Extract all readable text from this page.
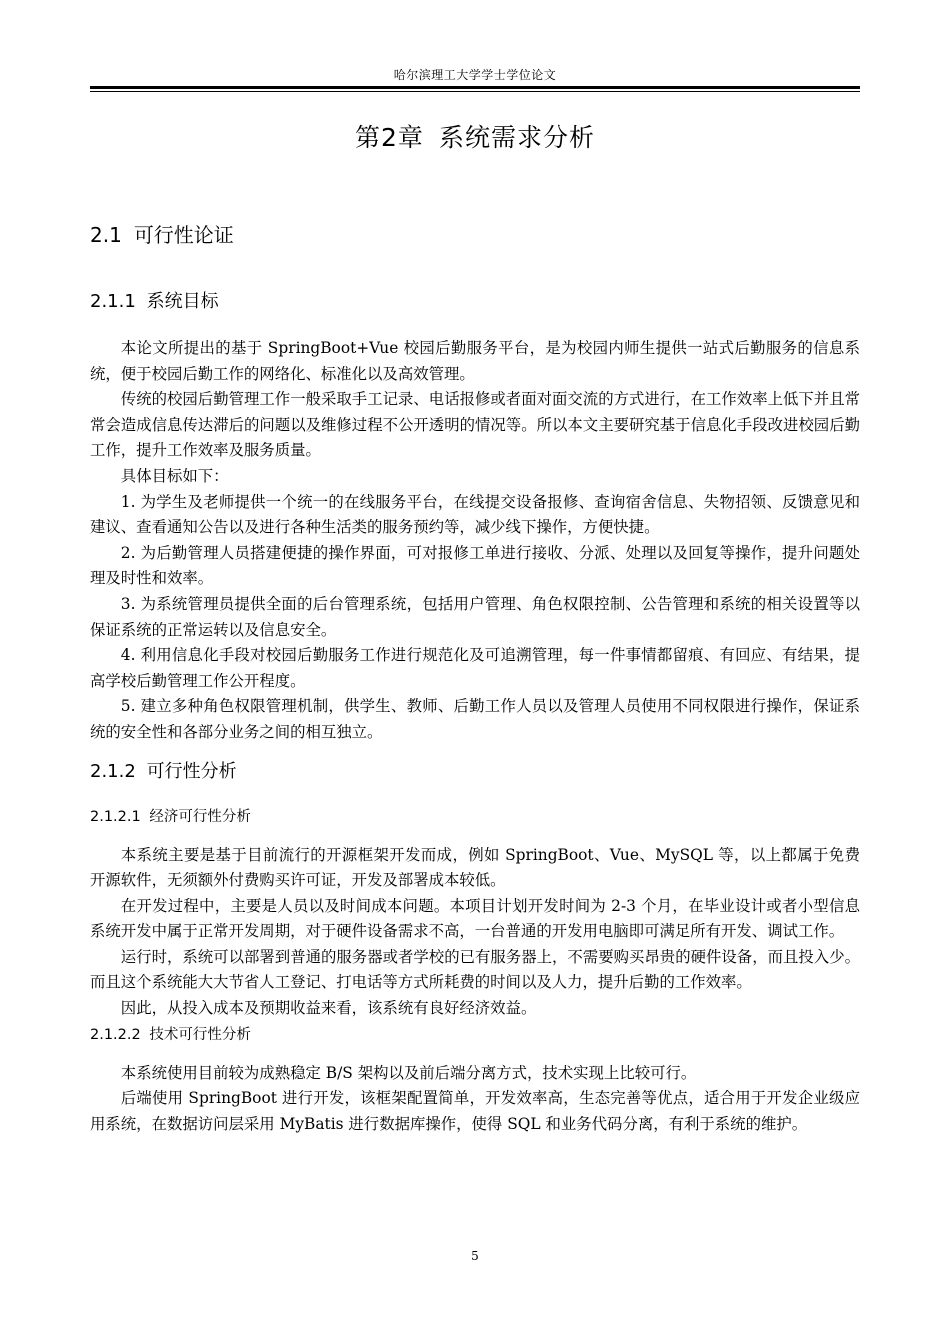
哈尔滨理工大学学士学位论文
第2章 系统需求分析
2.1 可行性论证
2.1.1 系统目标

本论文所提出的基于 SpringBoot+Vue 校园后勤服务平台，是为校园内师生提供一站式后勤服务的信息系统，便于校园后勤工作的网络化、标准化以及高效管理。

传统的校园后勤管理工作一般采取手工记录、电话报修或者面对面交流的方式进行，在工作效率上低下并且常常会造成信息传达滞后的问题以及维修过程不公开透明的情况等。所以本文主要研究基于信息化手段改进校园后勤工作，提升工作效率及服务质量。

具体目标如下：

1. 为学生及老师提供一个统一的在线服务平台，在线提交设备报修、查询宿舍信息、失物招领、反馈意见和建议、查看通知公告以及进行各种生活类的服务预约等，减少线下操作，方便快捷。

2. 为后勤管理人员搭建便捷的操作界面，可对报修工单进行接收、分派、处理以及回复等操作，提升问题处理及时性和效率。

3. 为系统管理员提供全面的后台管理系统，包括用户管理、角色权限控制、公告管理和系统的相关设置等以保证系统的正常运转以及信息安全。

4. 利用信息化手段对校园后勤服务工作进行规范化及可追溯管理，每一件事情都留痕、有回应、有结果，提高学校后勤管理工作公开程度。

5. 建立多种角色权限管理机制，供学生、教师、后勤工作人员以及管理人员使用不同权限进行操作，保证系统的安全性和各部分业务之间的相互独立。

2.1.2 可行性分析
2.1.2.1 经济可行性分析

本系统主要是基于目前流行的开源框架开发而成，例如 SpringBoot、Vue、MySQL 等，以上都属于免费开源软件，无须额外付费购买许可证，开发及部署成本较低。

在开发过程中，主要是人员以及时间成本问题。本项目计划开发时间为 2-3 个月，在毕业设计或者小型信息系统开发中属于正常开发周期，对于硬件设备需求不高，一台普通的开发用电脑即可满足所有开发、调试工作。

运行时，系统可以部署到普通的服务器或者学校的已有服务器上，不需要购买昂贵的硬件设备，而且投入少。而且这个系统能大大节省人工登记、打电话等方式所耗费的时间以及人力，提升后勤的工作效率。

因此，从投入成本及预期收益来看，该系统有良好经济效益。

2.1.2.2 技术可行性分析

本系统使用目前较为成熟稳定 B/S 架构以及前后端分离方式，技术实现上比较可行。

后端使用 SpringBoot 进行开发，该框架配置简单，开发效率高，生态完善等优点，适合用于开发企业级应用系统，在数据访问层采用 MyBatis 进行数据库操作，使得 SQL 和业务代码分离，有利于系统的维护。

5
